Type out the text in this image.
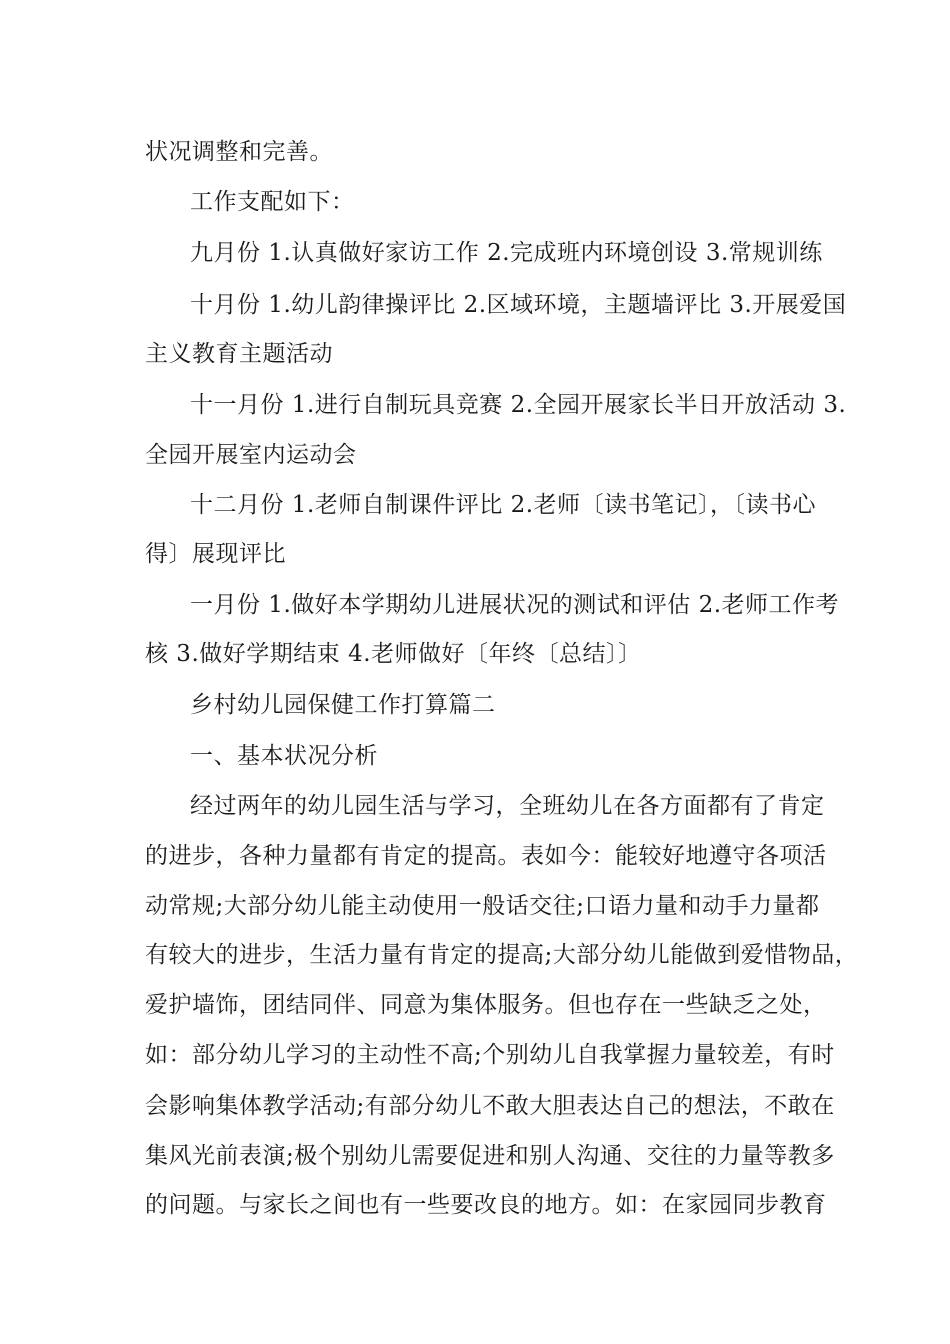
状况调整和完善。
工作支配如下：
九月份 1.认真做好家访工作 2.完成班内环境创设 3.常规训练
十月份 1.幼儿韵律操评比 2.区域环境，主题墙评比 3.开展爱国
主义教育主题活动
十一月份 1.进行自制玩具竞赛 2.全园开展家长半日开放活动 3.
全园开展室内运动会
十二月份 1.老师自制课件评比 2.老师〔读书笔记〕，〔读书心
得〕展现评比
一月份 1.做好本学期幼儿进展状况的测试和评估 2.老师工作考
核 3.做好学期结束 4.老师做好〔年终〔总结〕〕
乡村幼儿园保健工作打算篇二
一、基本状况分析
经过两年的幼儿园生活与学习，全班幼儿在各方面都有了肯定
的进步，各种力量都有肯定的提高。表如今：能较好地遵守各项活
动常规;大部分幼儿能主动使用一般话交往;口语力量和动手力量都
有较大的进步，生活力量有肯定的提高;大部分幼儿能做到爱惜物品，
爱护墙饰，团结同伴、同意为集体服务。但也存在一些缺乏之处，
如：部分幼儿学习的主动性不高;个别幼儿自我掌握力量较差，有时
会影响集体教学活动;有部分幼儿不敢大胆表达自己的想法，不敢在
集风光前表演;极个别幼儿需要促进和别人沟通、交往的力量等教多
的问题。与家长之间也有一些要改良的地方。如：在家园同步教育
